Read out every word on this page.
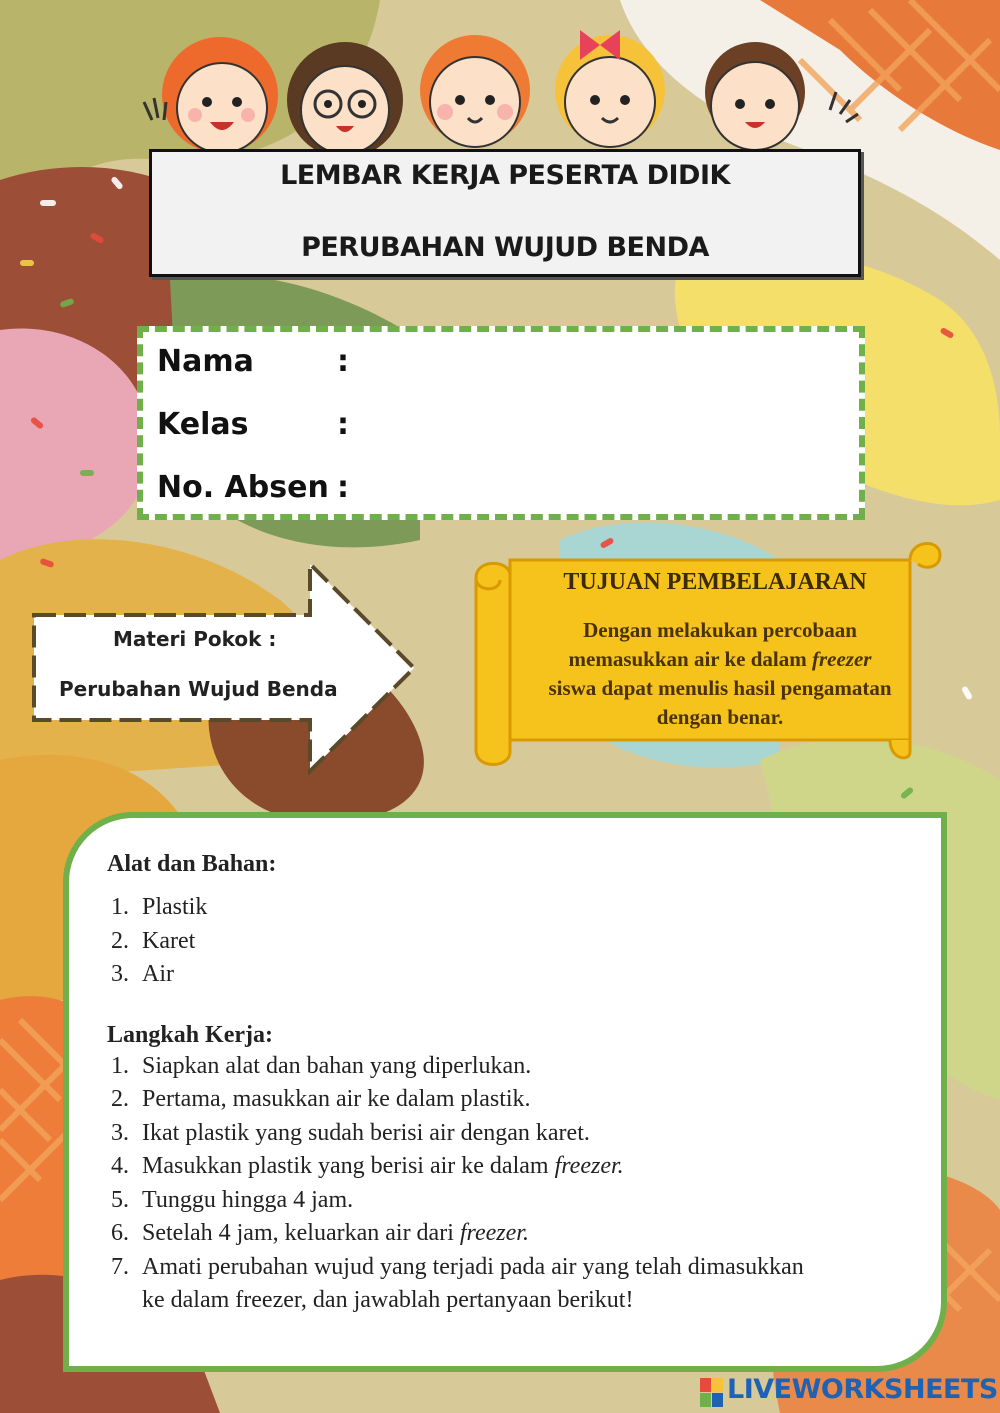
LEMBAR KERJA PESERTA DIDIK
PERUBAHAN WUJUD BENDA
Nama	:
Kelas	:
No. Absen :
Materi Pokok :
Perubahan Wujud Benda
TUJUAN PEMBELAJARAN
Dengan melakukan percobaan
memasukkan air ke dalam freezer
siswa dapat menulis hasil pengamatan
dengan benar.
Alat dan Bahan:
1. Plastik
2. Karet
3. Air
Langkah Kerja:
1. Siapkan alat dan bahan yang diperlukan.
2. Pertama, masukkan air ke dalam plastik.
3. Ikat plastik yang sudah berisi air dengan karet.
4. Masukkan plastik yang berisi air ke dalam freezer.
5. Tunggu hingga 4 jam.
6. Setelah 4 jam, keluarkan air dari freezer.
7. Amati perubahan wujud yang terjadi pada air yang telah dimasukkan
ke dalam freezer, dan jawablah pertanyaan berikut!
LIVEWORKSHEETS
